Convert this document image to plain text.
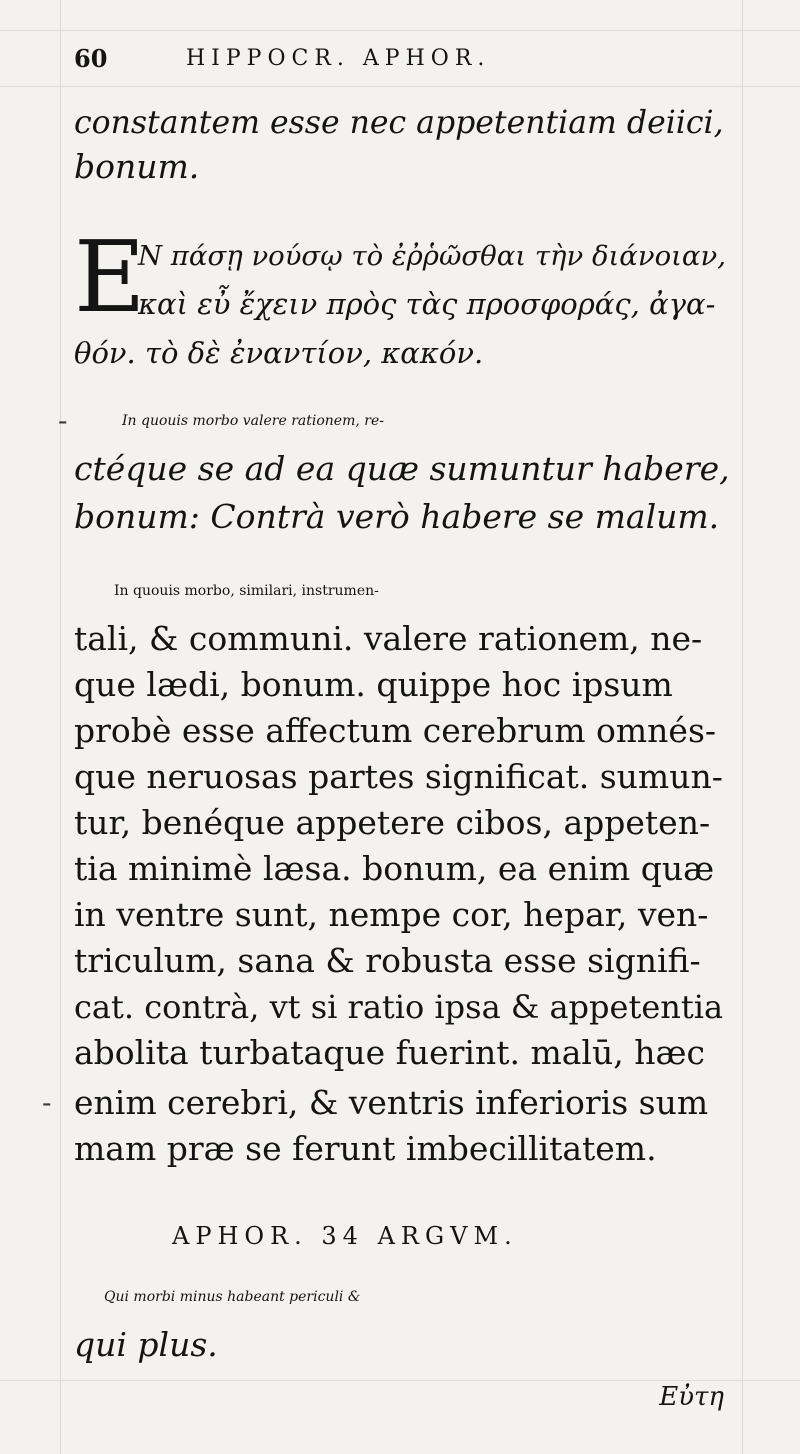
60	HIPPOCR. APHOR.
constantem esse nec appetentiam deiici,
bonum.
E
N πάσῃ νούσῳ τὸ ἐῤῥῶσθαι τὴν διάνοιαν,
καὶ εὖ ἔχειν πρὸς τὰς προσφοράς, ἀγα-
θόν. τὸ δὲ ἐναντίον, κακόν.
-	In quouis morbo valere rationem, re-
ctéque se ad ea quæ sumuntur habere,
bonum: Contrà verò habere se malum.
In quouis morbo, similari, instrumen-
tali, & communi. valere rationem, ne-
que lædi, bonum. quippe hoc ipsum
probè esse affectum cerebrum omnés-
que neruosas partes significat. sumun-
tur, benéque appetere cibos, appeten-
tia minimè læsa. bonum, ea enim quæ
in ventre sunt, nempe cor, hepar, ven-
triculum, sana & robusta esse signifi-
cat. contrà, vt si ratio ipsa & appetentia
abolita turbataque fuerint. malū, hæc
- enim cerebri, & ventris inferioris sum
mam præ se ferunt imbecillitatem.
APHOR. 34 ARGVM.
Qui morbi minus habeant periculi &
qui plus.
Εὐτη
